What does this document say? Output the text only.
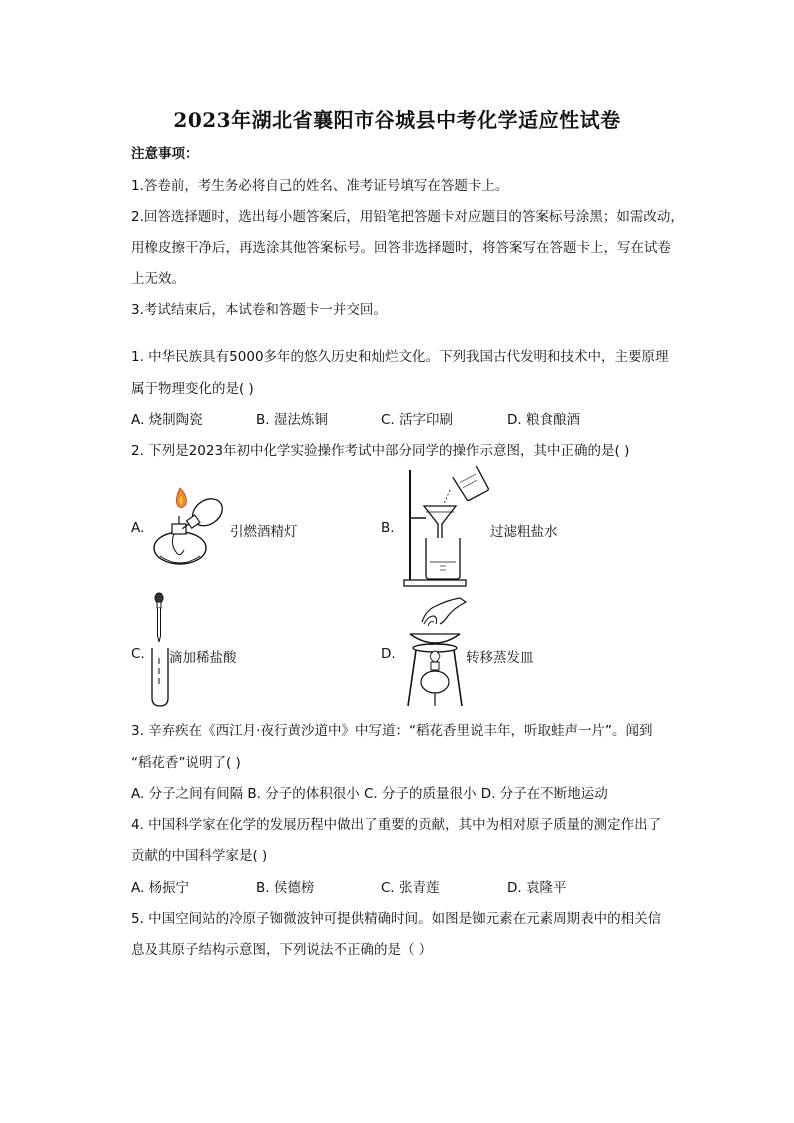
2023年湖北省襄阳市谷城县中考化学适应性试卷
注意事项：
1.答卷前，考生务必将自己的姓名、准考证号填写在答题卡上。
2.回答选择题时，选出每小题答案后，用铅笔把答题卡对应题目的答案标号涂黑；如需改动，
用橡皮擦干净后，再选涂其他答案标号。回答非选择题时，将答案写在答题卡上，写在试卷
上无效。
3.考试结束后，本试卷和答题卡一并交回。
1. 中华民族具有5000多年的悠久历史和灿烂文化。下列我国古代发明和技术中，主要原理
属于物理变化的是( )
A. 烧制陶瓷	B. 湿法炼铜	C. 活字印刷	D. 粮食酿酒
2. 下列是2023年初中化学实验操作考试中部分同学的操作示意图，其中正确的是( )
A.	引燃酒精灯	B.	过滤粗盐水
C. 滴加稀盐酸	D.	转移蒸发皿
3. 辛弃疾在《西江月·夜行黄沙道中》中写道：“稻花香里说丰年，听取蛙声一片”。闻到
“稻花香”说明了( )
A. 分子之间有间隔 B. 分子的体积很小 C. 分子的质量很小 D. 分子在不断地运动
4. 中国科学家在化学的发展历程中做出了重要的贡献，其中为相对原子质量的测定作出了
贡献的中国科学家是( )
A. 杨振宁	B. 侯德榜	C. 张青莲	D. 袁隆平
5. 中国空间站的冷原子铷微波钟可提供精确时间。如图是铷元素在元素周期表中的相关信
息及其原子结构示意图，下列说法不正确的是（ ）
